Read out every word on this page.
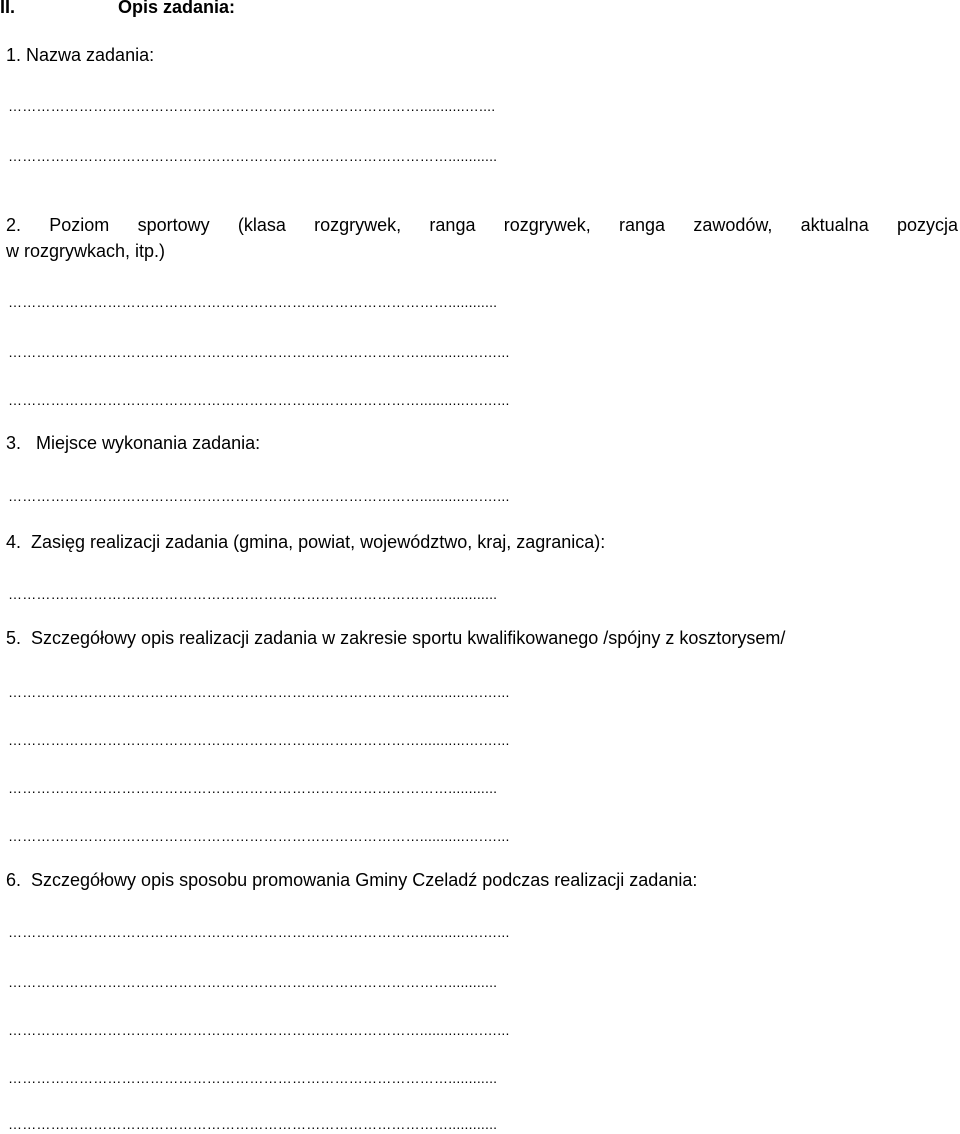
II.	Opis zadania:
1. Nazwa zadania:
……………………………………………………………………………...........…....
…………………………………………………………………………………............
2.  Poziom  sportowy  (klasa  rozgrywek,  ranga  rozgrywek,  ranga  zawodów,  aktualna  pozycja
w rozgrywkach, itp.)
…………………………………………………………………………………............
……………………………………………………………………………...........….…...
……………………………………………………………………………...........….…...
3.   Miejsce wykonania zadania:
……………………………………………………………………………...........….…...
4.  Zasięg realizacji zadania (gmina, powiat, województwo, kraj, zagranica):
…………………………………………………………………………………............
5.  Szczegółowy opis realizacji zadania w zakresie sportu kwalifikowanego /spójny z kosztorysem/
……………………………………………………………………………...........….…...
……………………………………………………………………………...........….…...
…………………………………………………………………………………............
……………………………………………………………………………...........….…...
6.  Szczegółowy opis sposobu promowania Gminy Czeladź podczas realizacji zadania:
……………………………………………………………………………...........….…...
…………………………………………………………………………………............
……………………………………………………………………………...........….…...
…………………………………………………………………………………............
…………………………………………………………………………………............
